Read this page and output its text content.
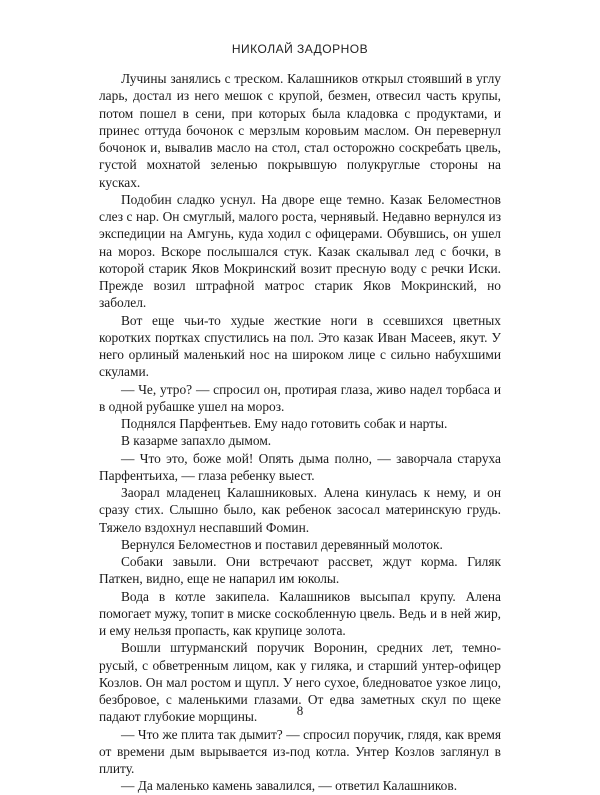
НИКОЛАЙ ЗАДОРНОВ

Лучины занялись с треском. Калашников открыл стоявший в углу ларь, достал из него мешок с крупой, безмен, отвесил часть крупы, потом пошел в сени, при которых была кладовка с продуктами, и принес оттуда бочонок с мерзлым коровьим маслом. Он перевернул бочонок и, вывалив масло на стол, стал осторожно соскребать цвель, густой мохнатой зеленью покрывшую полукруглые стороны на кусках.

Подобин сладко уснул. На дворе еще темно. Казак Беломестнов слез с нар. Он смуглый, малого роста, чернявый. Недавно вернулся из экспедиции на Амгунь, куда ходил с офицерами. Обувшись, он ушел на мороз. Вскоре послышался стук. Казак скалывал лед с бочки, в которой старик Яков Мокринский возит пресную воду с речки Иски. Прежде возил штрафной матрос старик Яков Мокринский, но заболел.

Вот еще чьи-то худые жесткие ноги в ссевшихся цветных коротких портках спустились на пол. Это казак Иван Масеев, якут. У него орлиный маленький нос на широком лице с сильно набухшими скулами.

— Че, утро? — спросил он, протирая глаза, живо надел торбаса и в одной рубашке ушел на мороз.

Поднялся Парфентьев. Ему надо готовить собак и нарты.

В казарме запахло дымом.

— Что это, боже мой! Опять дыма полно, — заворчала старуха Парфентьиха, — глаза ребенку выест.

Заорал младенец Калашниковых. Алена кинулась к нему, и он сразу стих. Слышно было, как ребенок засосал материнскую грудь. Тяжело вздохнул неспавший Фомин.

Вернулся Беломестнов и поставил деревянный молоток.

Собаки завыли. Они встречают рассвет, ждут корма. Гиляк Паткен, видно, еще не напарил им юколы.

Вода в котле закипела. Калашников высыпал крупу. Алена помогает мужу, топит в миске соскобленную цвель. Ведь и в ней жир, и ему нельзя пропасть, как крупице золота.

Вошли штурманский поручик Воронин, средних лет, темно-русый, с обветренным лицом, как у гиляка, и старший унтер-офицер Козлов. Он мал ростом и щупл. У него сухое, бледноватое узкое лицо, безбровое, с маленькими глазами. От едва заметных скул по щеке падают глубокие морщины.

— Что же плита так дымит? — спросил поручик, глядя, как время от времени дым вырывается из-под котла. Унтер Козлов заглянул в плиту.

— Да маленько камень завалился, — ответил Калашников.

8
